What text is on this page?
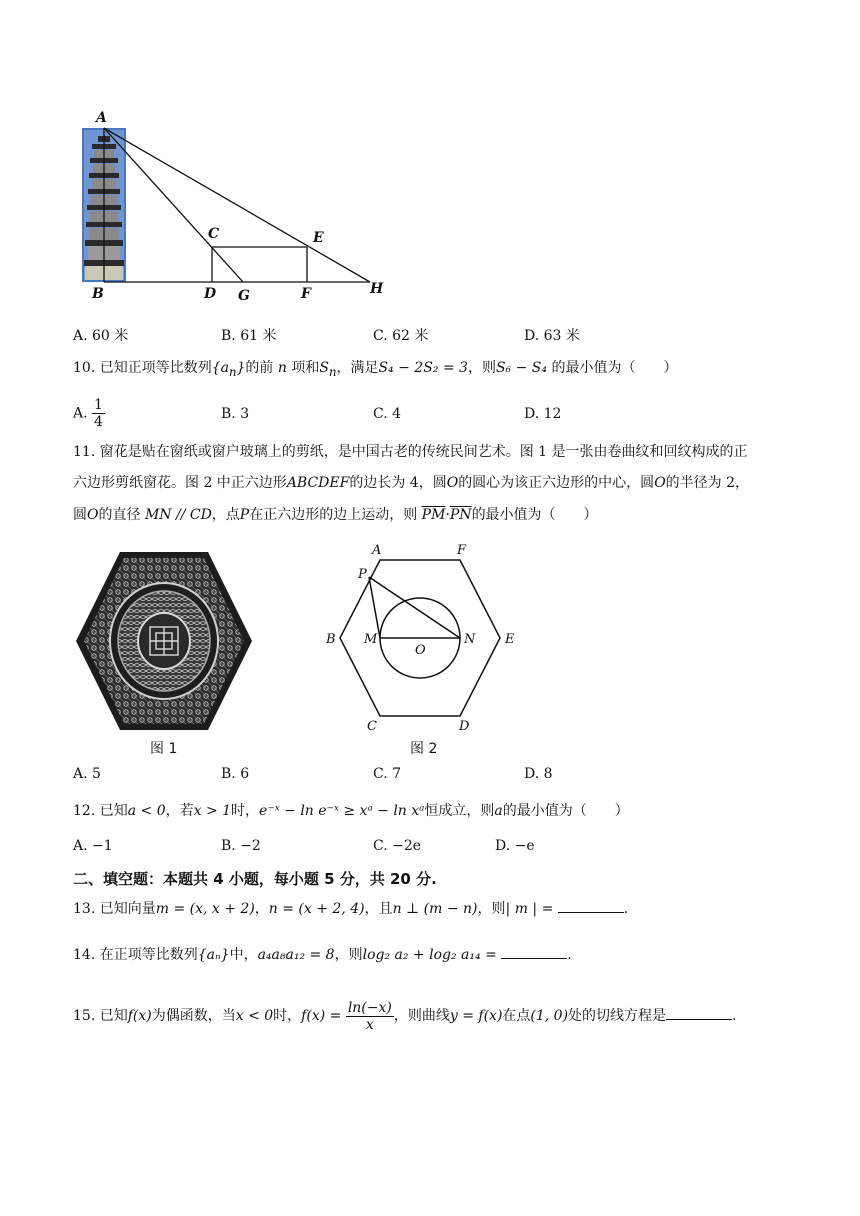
A
B
C
D
E
F
G	H
A. 60 米	B. 61 米	C. 62 米	D. 63 米
10. 已知正项等比数列$\{a_n\}$的前 n 项和$S_n$，满足S₄ − 2S₂ = 3，则S₆ − S₄ 的最小值为（　　）
A. $\frac{1}{4}$	B. 3	C. 4	D. 12
11. 窗花是贴在窗纸或窗户玻璃上的剪纸，是中国古老的传统民间艺术。图 1 是一张由卷曲纹和回纹构成的正
六边形剪纸窗花。图 2 中正六边形ABCDEF的边长为 4，圆O的圆心为该正六边形的中心，圆O的半径为 2，
圆O的直径 MN // CD，点P在正六边形的边上运动，则 $\overline{PM}\cdot\overline{PN}$的最小值为（　　）
图 1
A	F
P
B M
O
N E
C	D
图 2
A. 5	B. 6	C. 7	D. 8
12. 已知a < 0，若x > 1时，e⁻ˣ − ln e⁻ˣ ≥ xᵃ − ln xᵃ恒成立，则a的最小值为（　　）
A. −1	B. −2	C. −2e	D. −e
二、填空题：本题共 4 小题，每小题 5 分，共 20 分.
13. 已知向量m = (x, x + 2)，n = (x + 2, 4)，且n ⊥ (m − n)，则| m | =	.
14. 在正项等比数列{aₙ}中，a₄a₈a₁₂ = 8，则log₂ a₂ + log₂ a₁₄ =	.
15. 已知f(x)为偶函数，当x < 0时，$f(x) = \frac{\ln(-x)}{x}$ ，则曲线y = f(x)在点(1, 0)处的切线方程是	.
